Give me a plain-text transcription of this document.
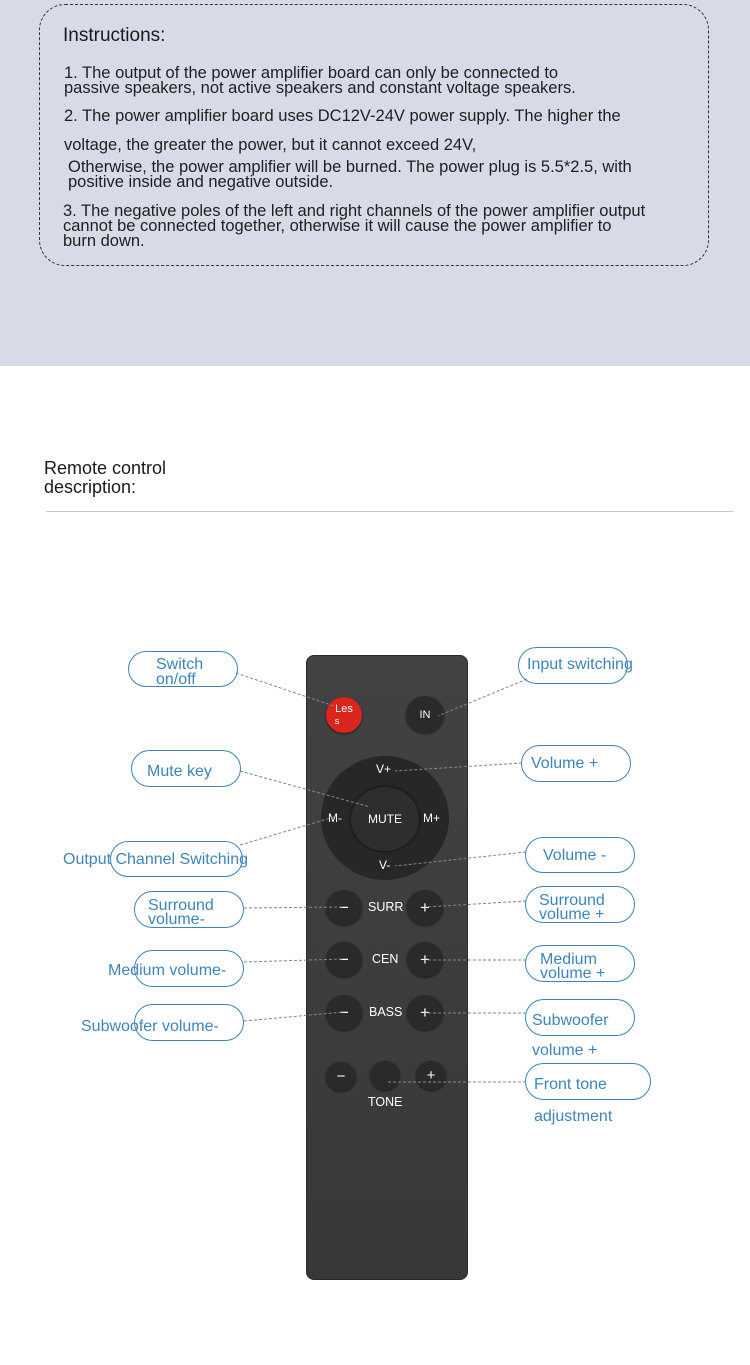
Instructions:
1. The output of the power amplifier board can only be connected to
passive speakers, not active speakers and constant voltage speakers.
2. The power amplifier board uses DC12V-24V power supply. The higher the
voltage, the greater the power, but it cannot exceed 24V,
Otherwise, the power amplifier will be burned. The power plug is 5.5*2.5, with
positive inside and negative outside.
3. The negative poles of the left and right channels of the power amplifier output
cannot be connected together, otherwise it will cause the power amplifier to
burn down.
Remote control
description:
Les
s
IN
V+
V-
M-	M+
MUTE
−	SURR +
−	CEN	+
−	BASS	+
−	+
TONE
Switch
on/off
Mute key
Output Channel Switching
Surround
volume-
Medium volume-
Subwoofer volume-
Input switching
Volume +
Volume -
Surround
volume +
Medium
volume +
Subwoofer
volume +
Front tone
adjustment
